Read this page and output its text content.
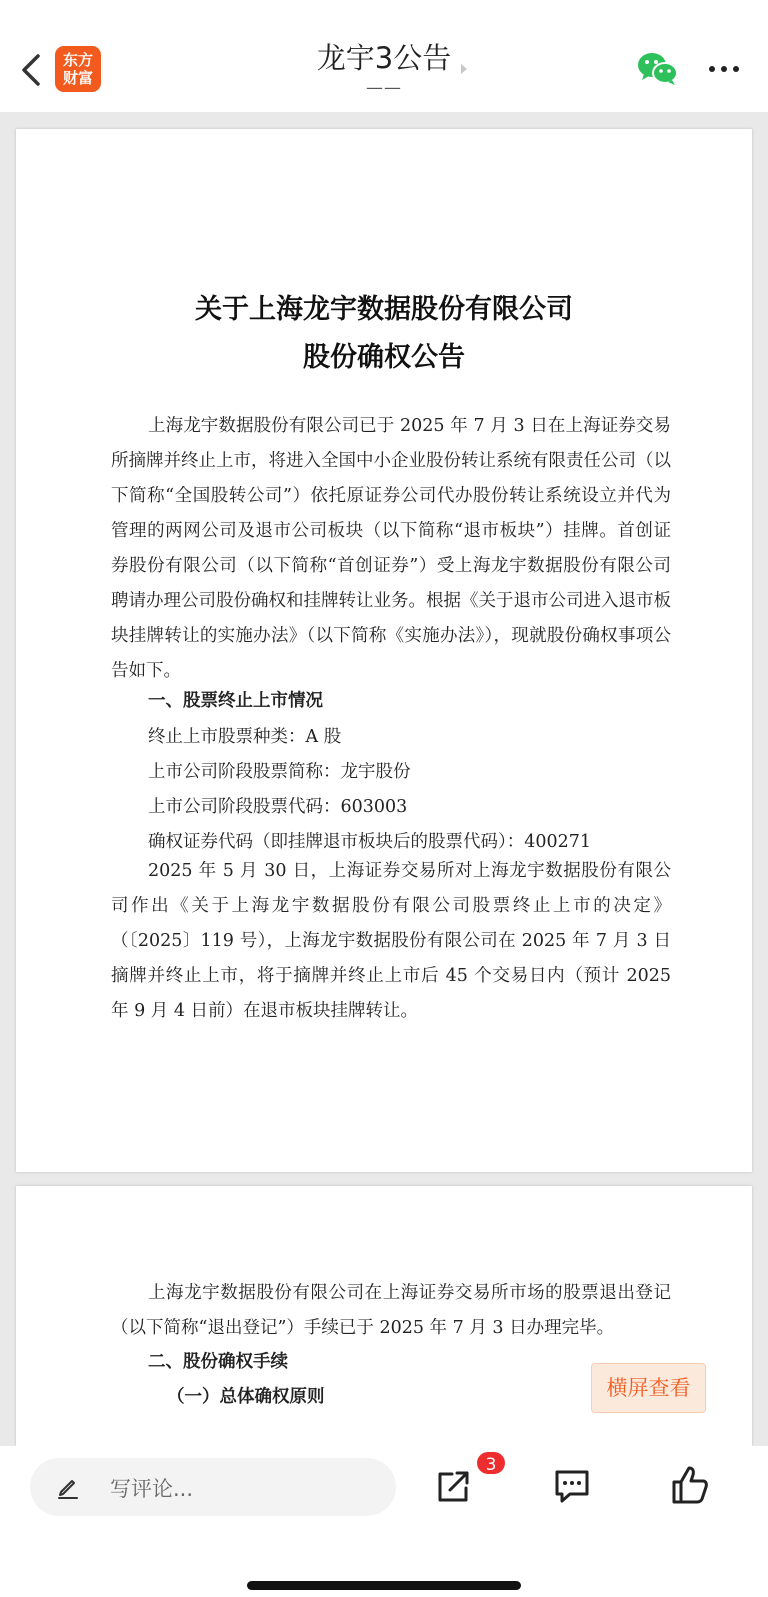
东方
财富
龙宇3公告
——
关于上海龙宇数据股份有限公司
股份确权公告

上海龙宇数据股份有限公司已于 2025 年 7 月 3 日在上海证券交易所摘牌并终止上市，将进入全国中小企业股份转让系统有限责任公司（以下简称“全国股转公司”）依托原证券公司代办股份转让系统设立并代为管理的两网公司及退市公司板块（以下简称“退市板块”）挂牌。首创证券股份有限公司（以下简称“首创证券”）受上海龙宇数据股份有限公司聘请办理公司股份确权和挂牌转让业务。根据《关于退市公司进入退市板块挂牌转让的实施办法》（以下简称《实施办法》），现就股份确权事项公告如下。

一、股票终止上市情况
终止上市股票种类：A 股
上市公司阶段股票简称：龙宇股份
上市公司阶段股票代码：603003
确权证券代码（即挂牌退市板块后的股票代码）：400271

2025 年 5 月 30 日，上海证券交易所对上海龙宇数据股份有限公司作出《关于上海龙宇数据股份有限公司股票终止上市的决定》（〔2025〕119 号），上海龙宇数据股份有限公司在 2025 年 7 月 3 日摘牌并终止上市，将于摘牌并终止上市后 45 个交易日内（预计 2025 年 9 月 4 日前）在退市板块挂牌转让。

上海龙宇数据股份有限公司在上海证券交易所市场的股票退出登记（以下简称“退出登记”）手续已于 2025 年 7 月 3 日办理完毕。

二、股份确权手续
（一）总体确权原则	横屏查看
写评论...
3
